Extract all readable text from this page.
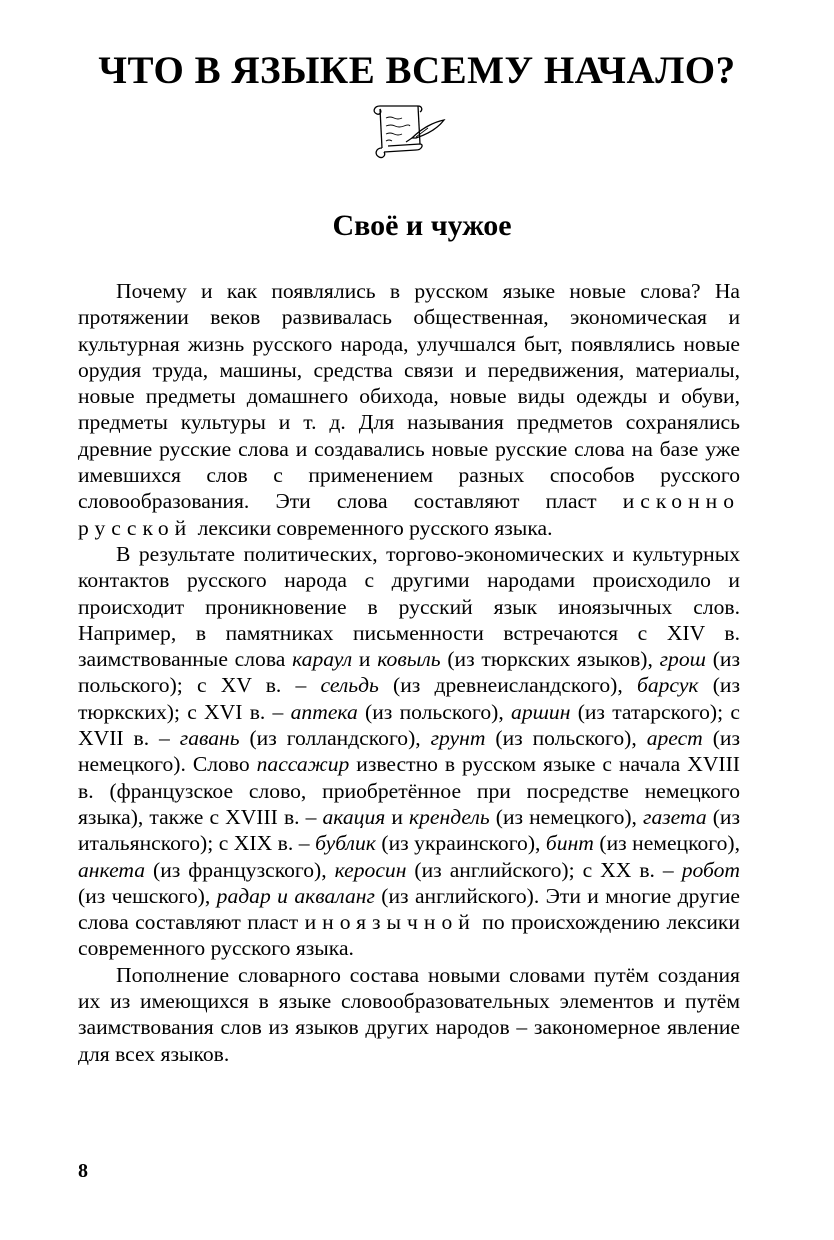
ЧТО В ЯЗЫКЕ ВСЕМУ НАЧАЛО?
Своё и чужое

Почему и как появлялись в русском языке новые слова? На протяжении веков развивалась общественная, экономическая и культурная жизнь русского народа, улучшался быт, появлялись новые орудия труда, машины, средства связи и передвижения, материалы, новые предметы домашнего обихода, новые виды одежды и обуви, предметы культуры и т. д. Для называния предметов сохранялись древние русские слова и создавались новые русские слова на базе уже имевшихся слов с применением разных способов русского словообразования. Эти слова составляют пласт исконно русской лексики современного русского языка.

В результате политических, торгово-экономических и культурных контактов русского народа с другими народами происходило и происходит проникновение в русский язык иноязычных слов. Например, в памятниках письменности встречаются с XIV в. заимствованные слова караул и ковыль (из тюркских языков), грош (из польского); с XV в. – сельдь (из древнеисландского), барсук (из тюркских); с XVI в. – аптека (из польского), аршин (из татарского); с XVII в. – гавань (из голландского), грунт (из польского), арест (из немецкого). Слово пассажир известно в русском языке с начала XVIII в. (французское слово, приобретённое при посредстве немецкого языка), также с XVIII в. – акация и крендель (из немецкого), газета (из итальянского); с XIX в. – бублик (из украинского), бинт (из немецкого), анкета (из французского), керосин (из английского); с XX в. – робот (из чешского), радар и акваланг (из английского). Эти и многие другие слова составляют пласт иноязычной по происхождению лексики современного русского языка.

Пополнение словарного состава новыми словами путём создания их из имеющихся в языке словообразовательных элементов и путём заимствования слов из языков других народов – закономерное явление для всех языков.

8
